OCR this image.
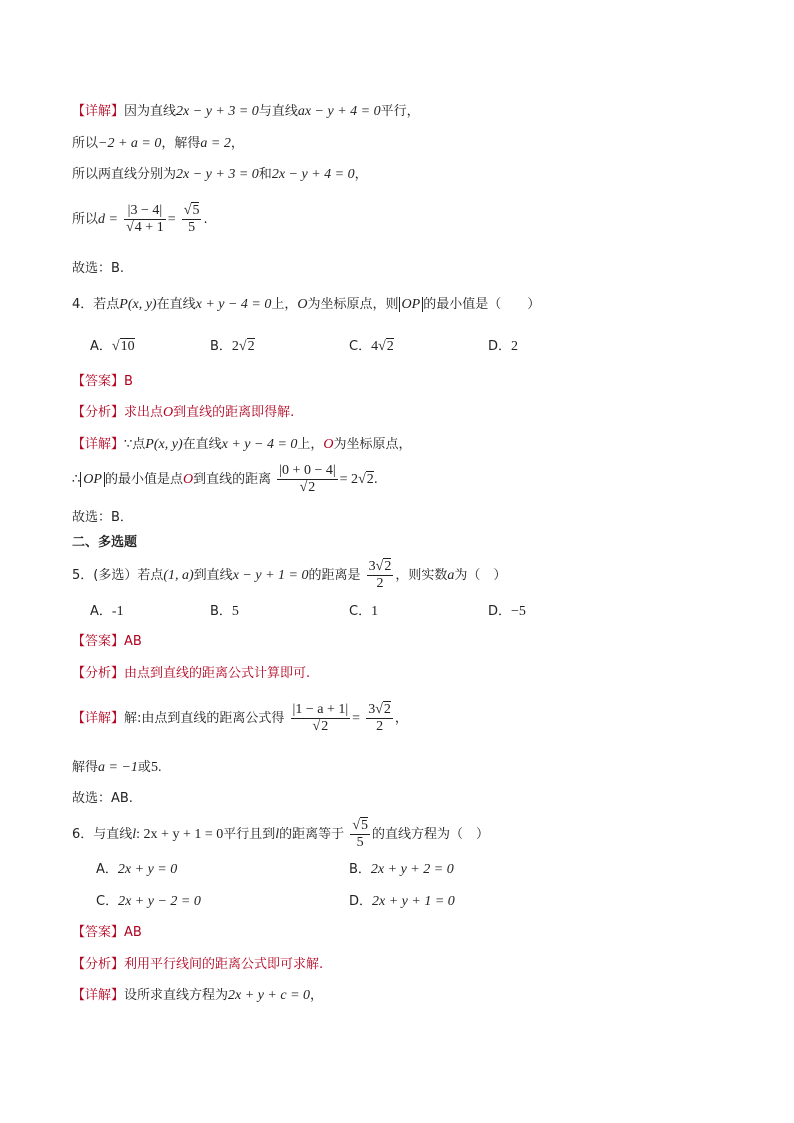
【详解】因为直线2x − y + 3 = 0与直线ax − y + 4 = 0平行，
所以−2 + a = 0，解得a = 2，
所以两直线分别为2x − y + 3 = 0和2x − y + 4 = 0，
所以$d = \frac{|3 - 4|}{√4 + 1} = \frac{√5}{5}$ .
故选：B.
4．若点P(x, y)在直线x + y − 4 = 0上，O为坐标原点，则 OP 的最小值是（　　）
A．√10	B．2√2	C．4√2	D．2
【答案】B
【分析】求出点O到直线的距离即得解.
【详解】∵点P(x, y)在直线x + y − 4 = 0上，O为坐标原点，
∴ OP 的最小值是点O到直线的距离 $\frac{|0 + 0 - 4|}{√2} = 2√2$.
故选：B．
二、多选题
5．(多选）若点(1, a)到直线x − y + 1 = 0的距离是 $\frac{3√2}{2}$ ，则实数a为（　）
A．-1	B．5	C．1	D．−5
【答案】AB
【分析】由点到直线的距离公式计算即可.
【详解】解:由点到直线的距离公式得 $\frac{|1 - a + 1|}{√2} = \frac{3√2}{2}$ ，
解得a = −1或5.
故选：AB.
6．与直线l: 2x + y + 1 = 0平行且到l的距离等于 $\frac{√5}{5}$ 的直线方程为（　）
A．2x + y = 0	B．2x + y + 2 = 0
C．2x + y − 2 = 0	D．2x + y + 1 = 0
【答案】AB
【分析】利用平行线间的距离公式即可求解.
【详解】设所求直线方程为2x + y + c = 0，
